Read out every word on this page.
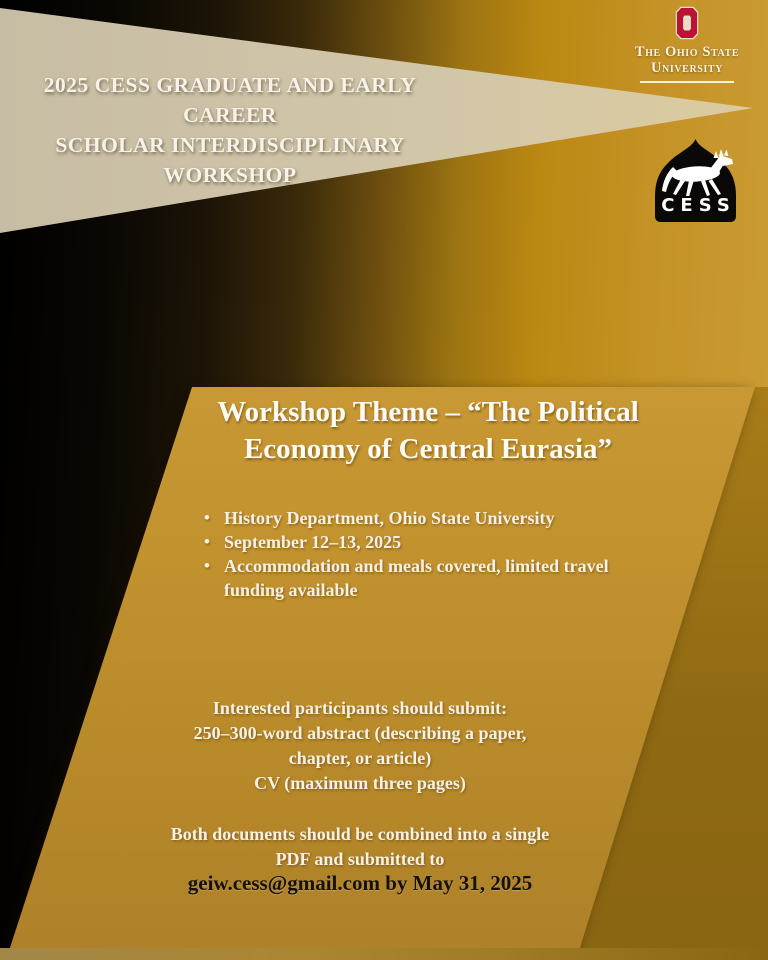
2025 CESS GRADUATE AND EARLY CAREER
SCHOLAR INTERDISCIPLINARY
WORKSHOP
The Ohio State
University
CESS
Workshop Theme – “The Political
Economy of Central Eurasia”
• History Department, Ohio State University
• September 12–13, 2025
• Accommodation and meals covered, limited travel funding available
Interested participants should submit:
250–300-word abstract (describing a paper,
chapter, or article)
CV (maximum three pages)
Both documents should be combined into a single
PDF and submitted to
geiw.cess@gmail.com by May 31, 2025
